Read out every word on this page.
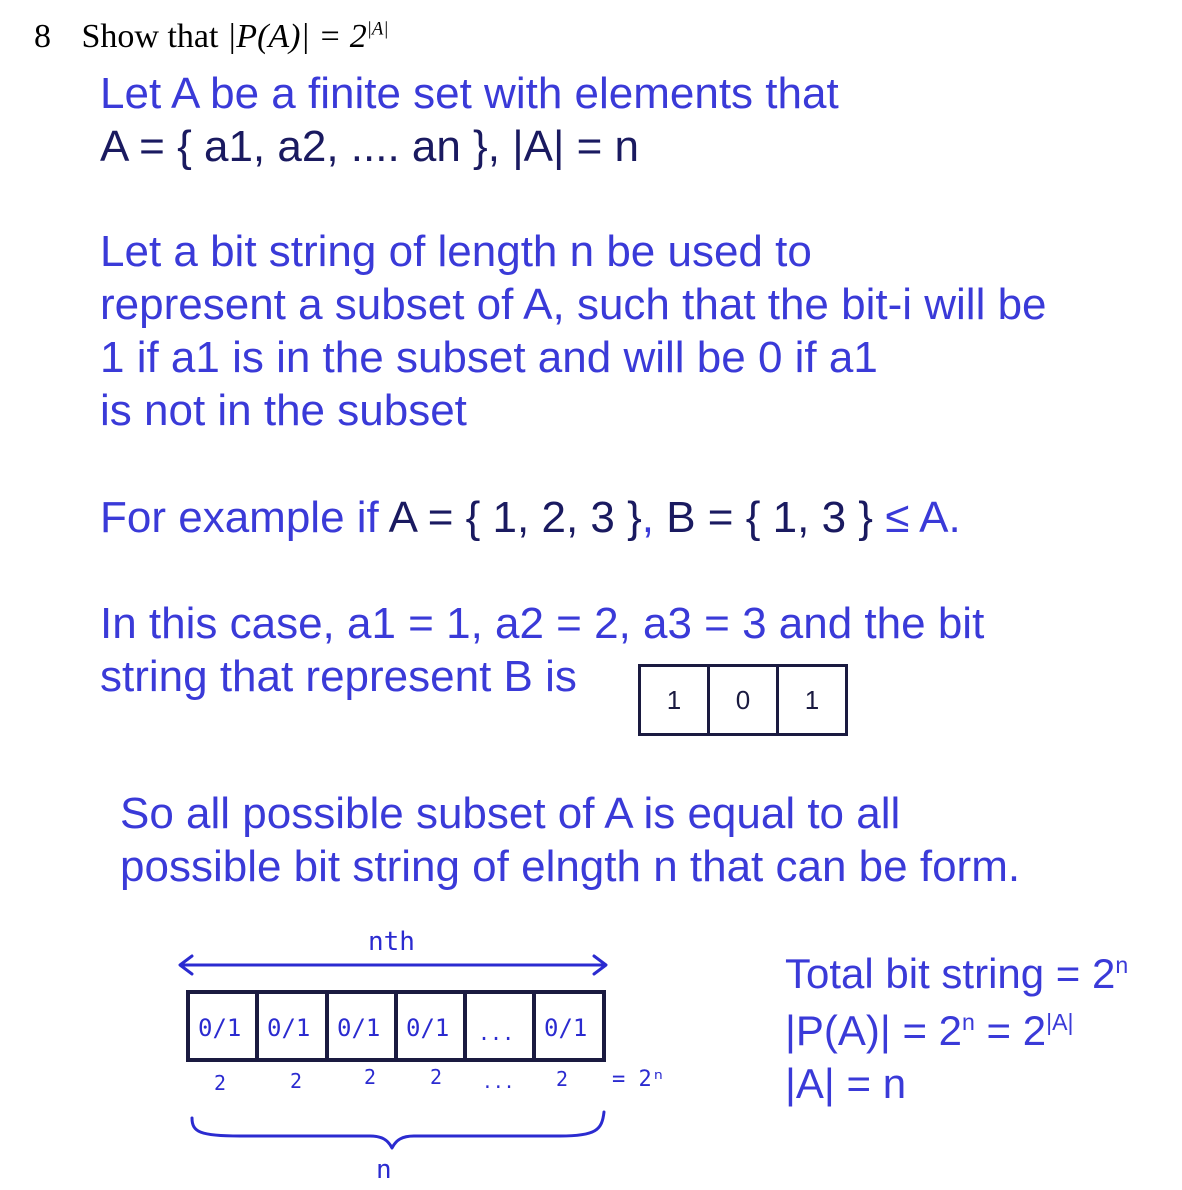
8 Show that $|P(A)| = 2^{|A|}$
Let A be a finite set with elements that
A = { a1, a2, .... an }, |A| = n
Let a bit string of length n be used to
represent a subset of A, such that the bit-i will be
1 if a1 is in the subset and will be 0 if a1
is not in the subset
For example if A = { 1, 2, 3 }, B = { 1, 3 } ≤ A.
In this case, a1 = 1, a2 = 2, a3 = 3 and the bit
string that represent B is	1	0	1
So all possible subset of A is equal to all
possible bit string of elngth n that can be form.
nth
0/1 0/1 0/1 0/1 ... 0/1
2	2	2	2 ... 2 = 2ⁿ
n
Total bit string = $2^n$
$|P(A)| = 2^n = 2^{|A|}$
|A| = n
